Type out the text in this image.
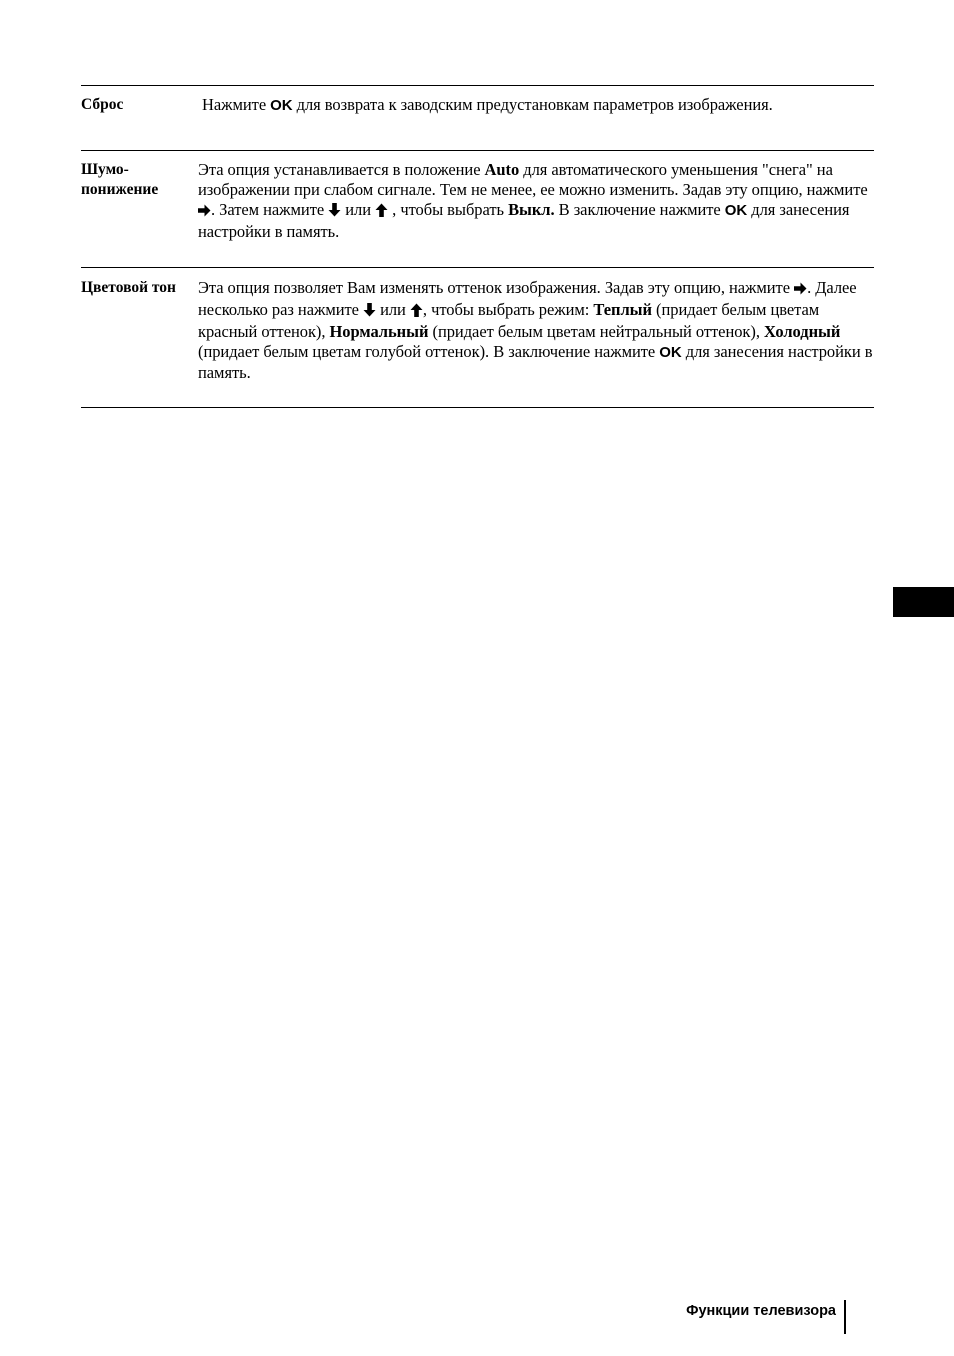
Сброс	Нажмите OK для возврата к заводским предустановкам параметров изображения.
Шумо-
понижение
Эта опция устанавливается в положение Auto для автоматического уменьшения "снега" на изображении при слабом сигнале. Тем не менее, ее можно изменить. Задав эту опцию, нажмите . Затем нажмите  или  , чтобы выбрать Выкл. В заключение нажмите OK для занесения настройки в память.
Цветовой тон	Эта опция позволяет Вам изменять оттенок изображения. Задав эту опцию, нажмите . Далее несколько раз нажмите  или , чтобы выбрать режим: Теплый (придает белым цветам красный оттенок), Нормальный (придает белым цветам нейтральный оттенок), Холодный (придает белым цветам голубой оттенок). В заключение нажмите OK для занесения настройки в память.
Функции телевизора
